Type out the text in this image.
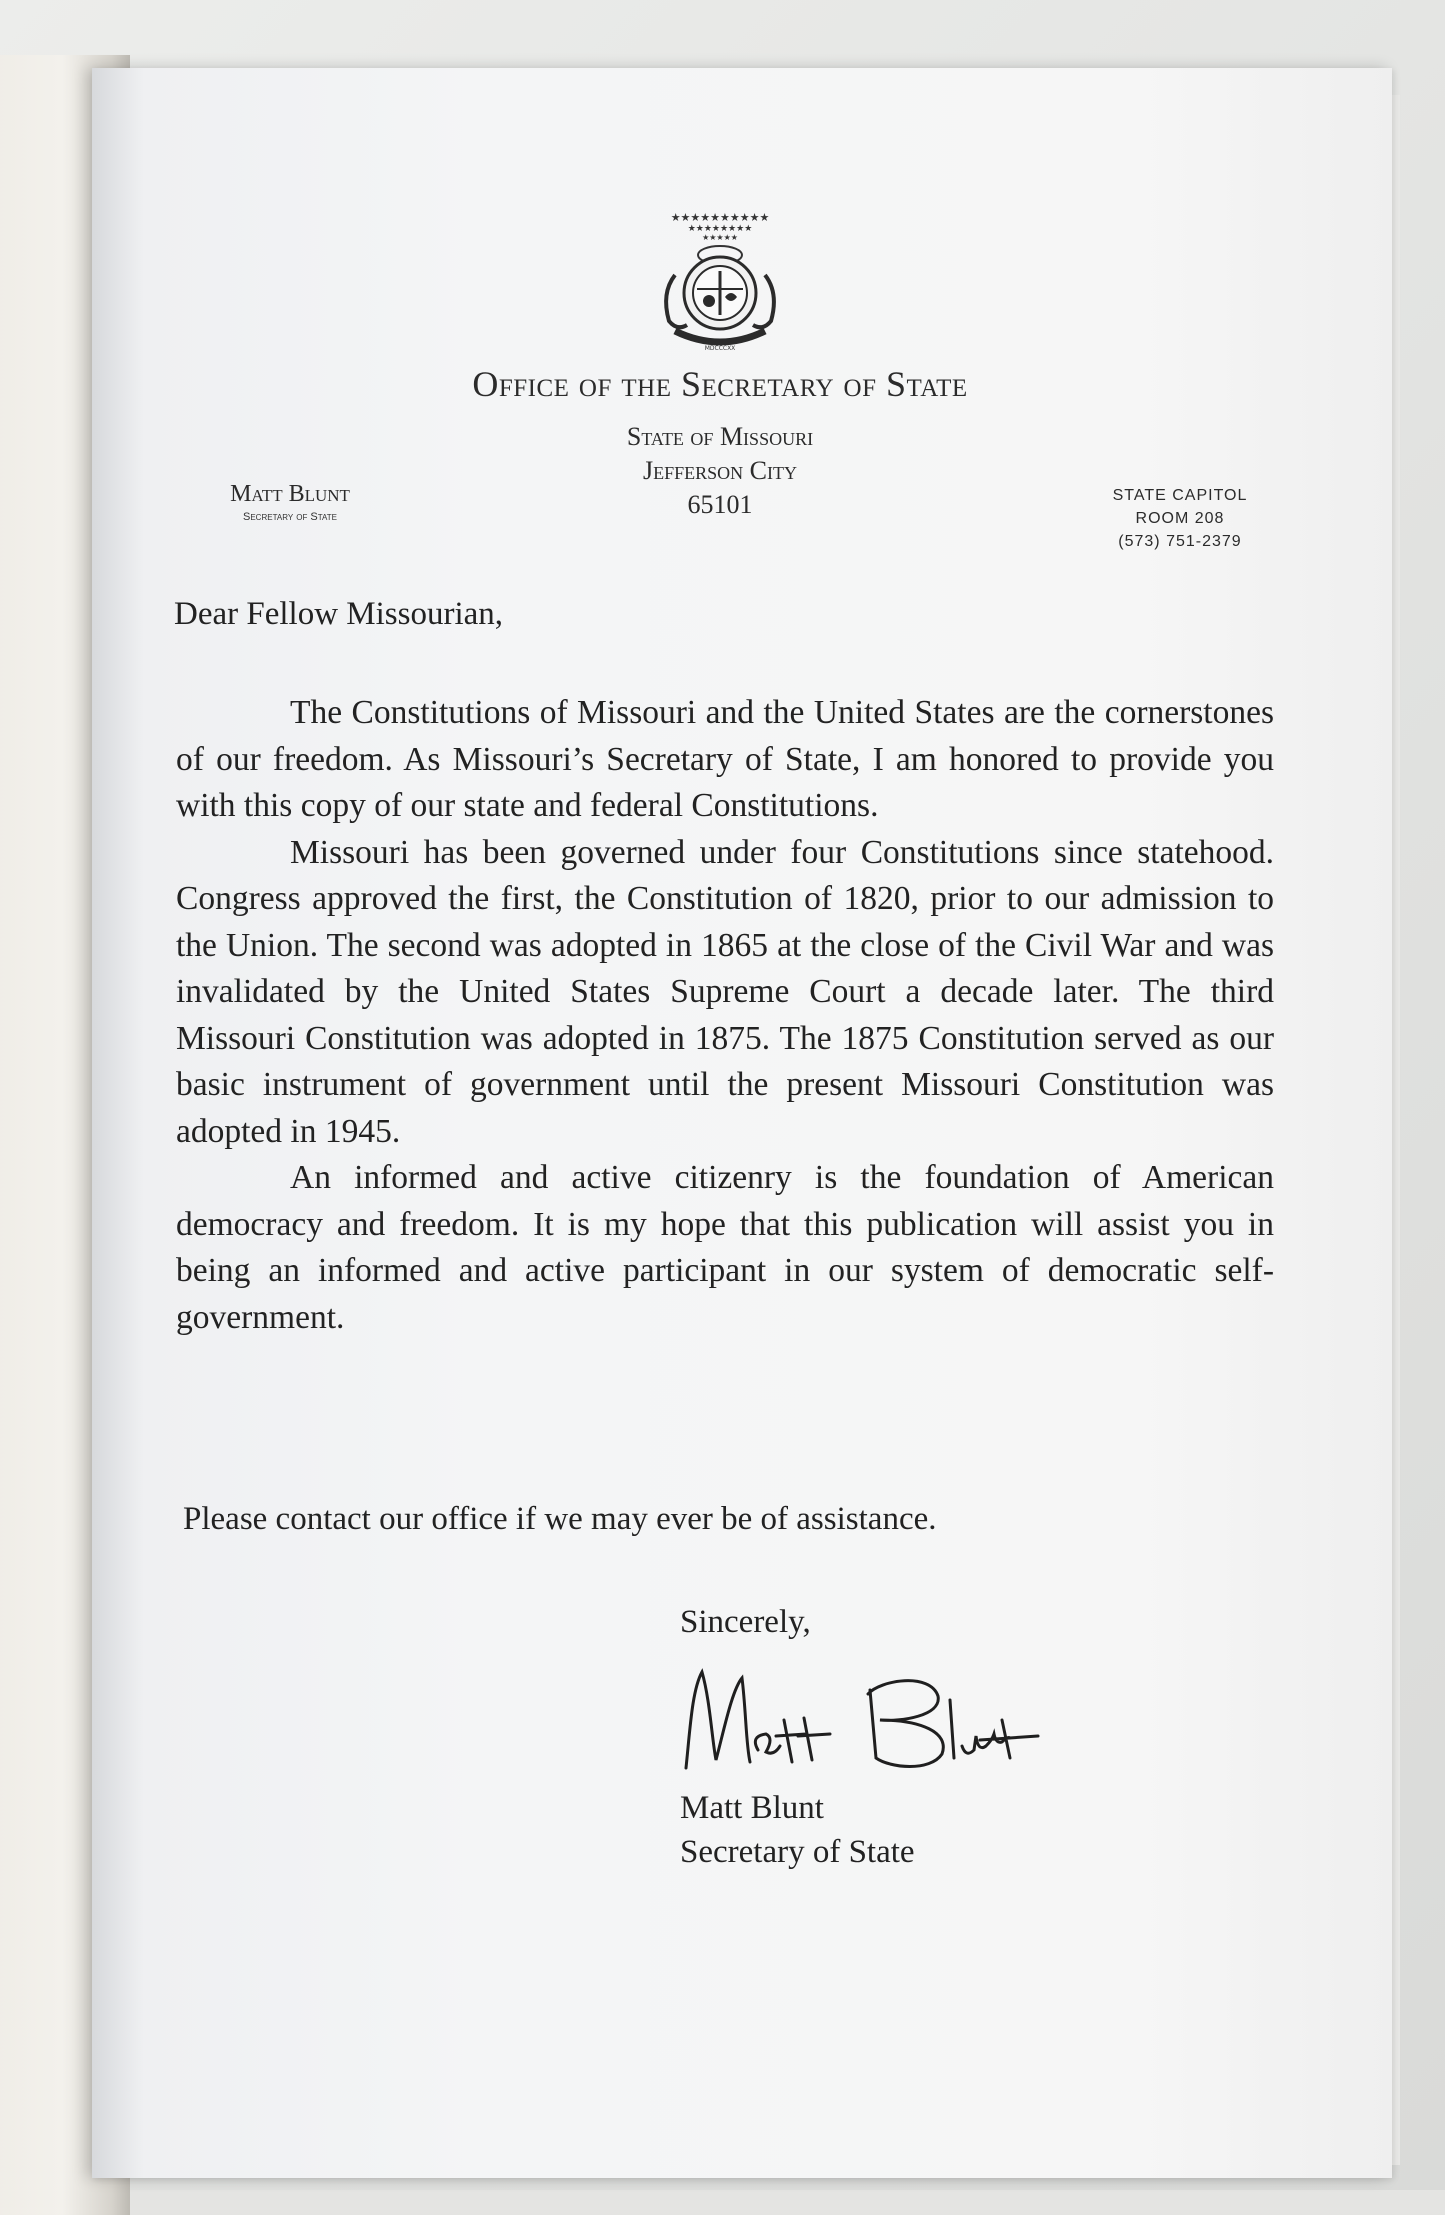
★★★★★★★★★★
★★★★★★★★
★★★★★
MDCCCXX
Office of the Secretary of State
State of Missouri
Jefferson City
65101
Matt Blunt
Secretary of State
STATE CAPITOL
ROOM 208
(573) 751-2379
Dear Fellow Missourian,

The Constitutions of Missouri and the United States are the cornerstones of our freedom. As Missouri’s Secretary of State, I am honored to provide you with this copy of our state and federal Constitutions.

Missouri has been governed under four Constitutions since statehood. Congress approved the first, the Constitution of 1820, prior to our admission to the Union. The second was adopted in 1865 at the close of the Civil War and was invalidated by the United States Supreme Court a decade later. The third Missouri Constitution was adopted in 1875. The 1875 Constitution served as our basic instrument of government until the present Missouri Constitution was adopted in 1945.

An informed and active citizenry is the foundation of American democracy and freedom. It is my hope that this publication will assist you in being an informed and active participant in our system of democratic self-government.

Please contact our office if we may ever be of assistance.
Sincerely,
Matt Blunt
Secretary of State
